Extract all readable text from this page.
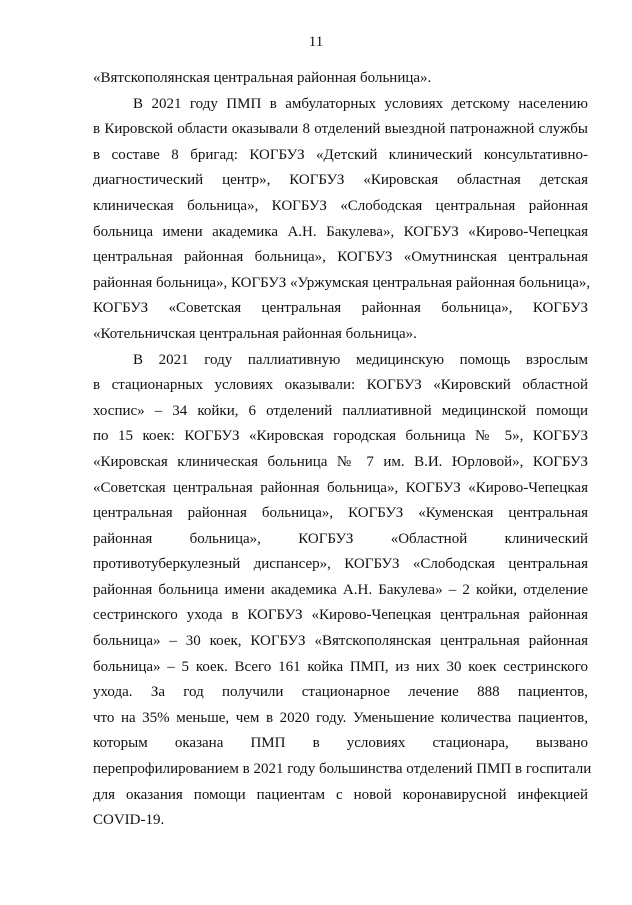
11

«Вятскополянская центральная районная больница».

В 2021 году ПМП в амбулаторных условиях детскому населению
в Кировской области оказывали 8 отделений выездной патронажной службы
в составе 8 бригад: КОГБУЗ «Детский клинический консультативно-
диагностический центр», КОГБУЗ «Кировская областная детская
клиническая больница», КОГБУЗ «Слободская центральная районная
больница имени академика А.Н. Бакулева», КОГБУЗ «Кирово-Чепецкая
центральная районная больница», КОГБУЗ «Омутнинская центральная
районная больница», КОГБУЗ «Уржумская центральная районная больница»,
КОГБУЗ «Советская центральная районная больница», КОГБУЗ
«Котельничская центральная районная больница».

В 2021 году паллиативную медицинскую помощь взрослым
в стационарных условиях оказывали: КОГБУЗ «Кировский областной
хоспис» – 34 койки, 6 отделений паллиативной медицинской помощи
по 15 коек: КОГБУЗ «Кировская городская больница № 5», КОГБУЗ
«Кировская клиническая больница № 7 им. В.И. Юрловой», КОГБУЗ
«Советская центральная районная больница», КОГБУЗ «Кирово-Чепецкая
центральная районная больница», КОГБУЗ «Куменская центральная
районная больница», КОГБУЗ «Областной клинический
противотуберкулезный диспансер», КОГБУЗ «Слободская центральная
районная больница имени академика А.Н. Бакулева» – 2 койки, отделение
сестринского ухода в КОГБУЗ «Кирово-Чепецкая центральная районная
больница» – 30 коек, КОГБУЗ «Вятскополянская центральная районная
больница» – 5 коек. Всего 161 койка ПМП, из них 30 коек сестринского
ухода. За год получили стационарное лечение 888 пациентов,
что на 35% меньше, чем в 2020 году. Уменьшение количества пациентов,
которым оказана ПМП в условиях стационара, вызвано
перепрофилированием в 2021 году большинства отделений ПМП в госпитали
для оказания помощи пациентам с новой коронавирусной инфекцией
COVID-19.
